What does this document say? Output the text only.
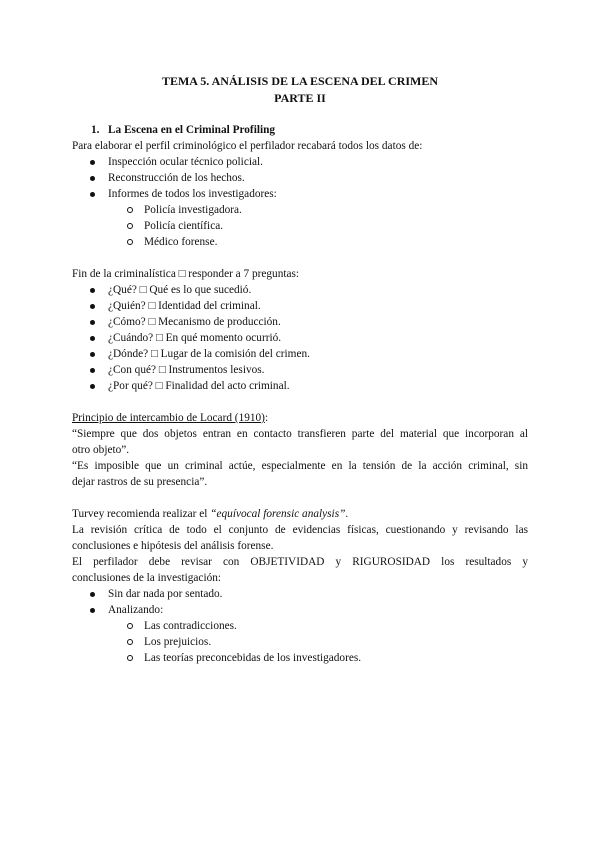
TEMA 5. ANÁLISIS DE LA ESCENA DEL CRIMEN
PARTE II
1. La Escena en el Criminal Profiling
Para elaborar el perfil criminológico el perfilador recabará todos los datos de:
Inspección ocular técnico policial.
Reconstrucción de los hechos.
Informes de todos los investigadores:
Policía investigadora.
Policía científica.
Médico forense.
Fin de la criminalística □ responder a 7 preguntas:
¿Qué? □ Qué es lo que sucedió.
¿Quién? □ Identidad del criminal.
¿Cómo? □ Mecanismo de producción.
¿Cuándo? □ En qué momento ocurrió.
¿Dónde? □ Lugar de la comisión del crimen.
¿Con qué? □ Instrumentos lesivos.
¿Por qué? □ Finalidad del acto criminal.
Principio de intercambio de Locard (1910):
“Siempre que dos objetos entran en contacto transfieren parte del material que incorporan al
otro objeto”.
“Es imposible que un criminal actúe, especialmente en la tensión de la acción criminal, sin
dejar rastros de su presencia”.
Turvey recomienda realizar el “equívocal forensic analysis”.
La revisión crítica de todo el conjunto de evidencias físicas, cuestionando y revisando las
conclusiones e hipótesis del análisis forense.
El perfilador debe revisar con OBJETIVIDAD y RIGUROSIDAD los resultados y
conclusiones de la investigación:
Sin dar nada por sentado.
Analizando:
Las contradicciones.
Los prejuicios.
Las teorías preconcebidas de los investigadores.
